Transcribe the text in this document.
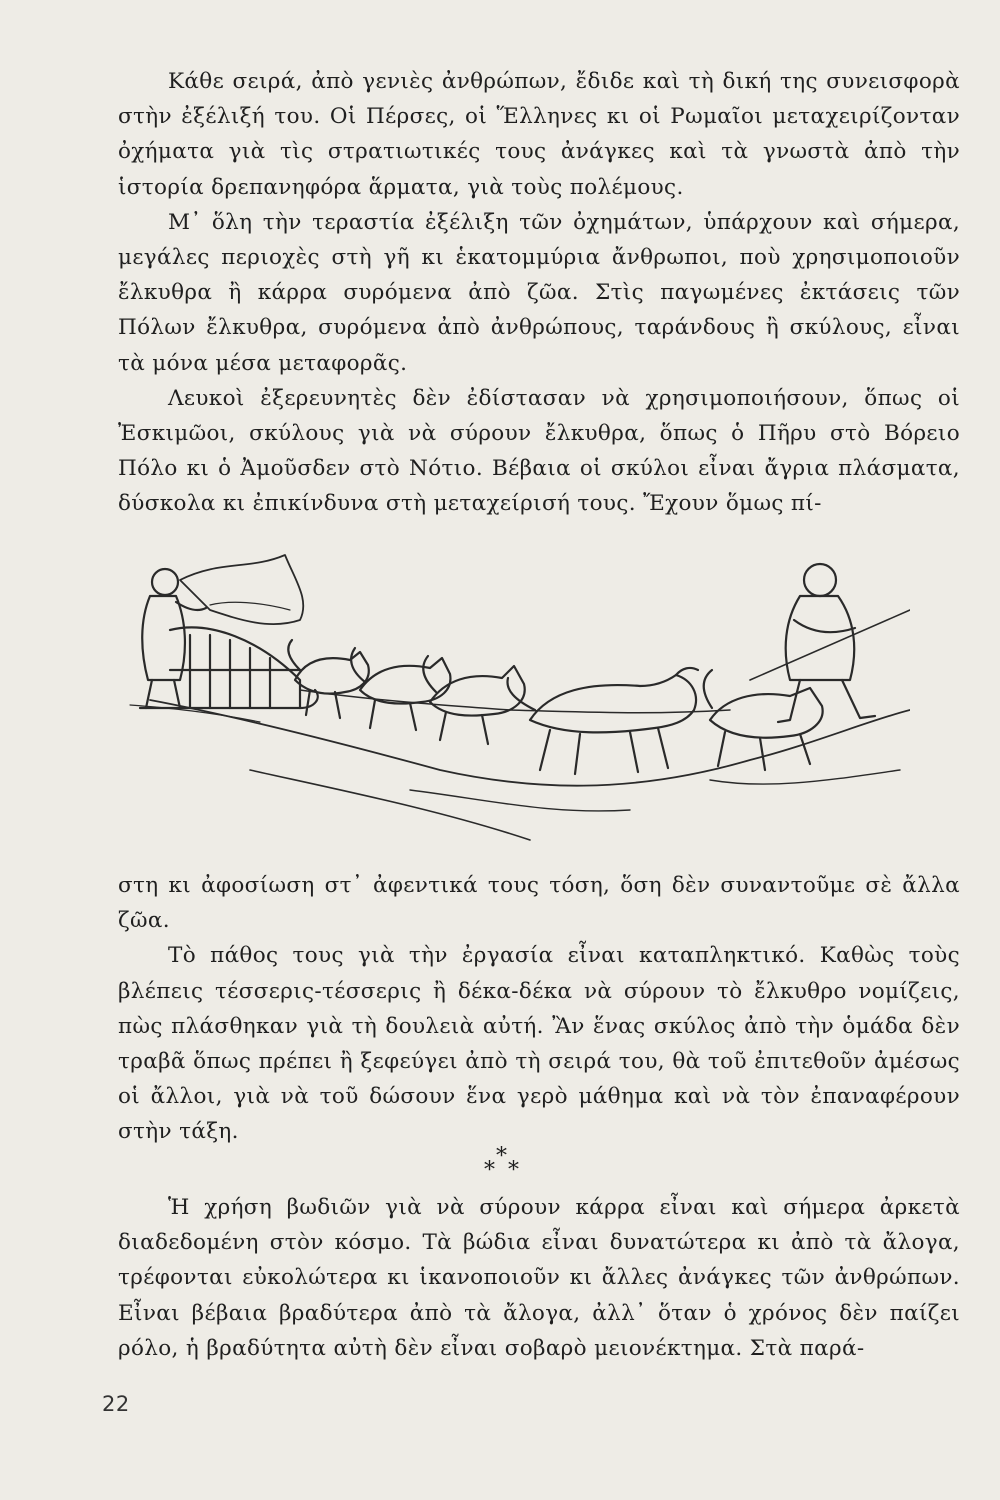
Κάθε σειρά, ἀπὸ γενιὲς ἀνθρώπων, ἔδιδε καὶ τὴ δική της συνεισφορὰ στὴν ἐξέλιξή του. Οἱ Πέρσες, οἱ Ἕλληνες κι οἱ Ρωμαῖοι μεταχειρίζονταν ὀχήματα γιὰ τὶς στρατιωτικές τους ἀνάγκες καὶ τὰ γνωστὰ ἀπὸ τὴν ἱστορία δρεπανηφόρα ἅρματα, γιὰ τοὺς πολέμους.

Μ᾿ ὅλη τὴν τεραστία ἐξέλιξη τῶν ὀχημάτων, ὑπάρχουν καὶ σήμερα, μεγάλες περιοχὲς στὴ γῆ κι ἑκατομμύρια ἄνθρωποι, ποὺ χρησιμοποιοῦν ἔλκυθρα ἢ κάρρα συρόμενα ἀπὸ ζῶα. Στὶς παγωμένες ἐκτάσεις τῶν Πόλων ἔλκυθρα, συρόμενα ἀπὸ ἀνθρώπους, ταράνδους ἢ σκύλους, εἶναι τὰ μόνα μέσα μεταφορᾶς.

Λευκοὶ ἐξερευνητὲς δὲν ἐδίστασαν νὰ χρησιμοποιήσουν, ὅπως οἱ Ἐσκιμῶοι, σκύλους γιὰ νὰ σύρουν ἔλκυθρα, ὅπως ὁ Πῆρυ στὸ Βόρειο Πόλο κι ὁ Ἀμοῦσδεν στὸ Νότιο. Βέβαια οἱ σκύλοι εἶναι ἄγρια πλάσματα, δύσκολα κι ἐπικίνδυνα στὴ μεταχείρισή τους. Ἔχουν ὅμως πί-

στη κι ἀφοσίωση στ᾿ ἀφεντικά τους τόση, ὅση δὲν συναντοῦμε σὲ ἄλλα ζῶα.

Τὸ πάθος τους γιὰ τὴν ἐργασία εἶναι καταπληκτικό. Καθὼς τοὺς βλέπεις τέσσερις-τέσσερις ἢ δέκα-δέκα νὰ σύρουν τὸ ἔλκυθρο νομίζεις, πὼς πλάσθηκαν γιὰ τὴ δουλειὰ αὐτή. Ἂν ἕνας σκύλος ἀπὸ τὴν ὁμάδα δὲν τραβᾶ ὅπως πρέπει ἢ ξεφεύγει ἀπὸ τὴ σειρά του, θὰ τοῦ ἐπιτεθοῦν ἀμέσως οἱ ἄλλοι, γιὰ νὰ τοῦ δώσουν ἕνα γερὸ μάθημα καὶ νὰ τὸν ἐπαναφέρουν στὴν τάξη.

*
* *

Ἡ χρήση βωδιῶν γιὰ νὰ σύρουν κάρρα εἶναι καὶ σήμερα ἀρκετὰ διαδεδομένη στὸν κόσμο. Τὰ βώδια εἶναι δυνατώτερα κι ἀπὸ τὰ ἄλογα, τρέφονται εὐκολώτερα κι ἱκανοποιοῦν κι ἄλλες ἀνάγκες τῶν ἀνθρώπων. Εἶναι βέβαια βραδύτερα ἀπὸ τὰ ἄλογα, ἀλλ᾿ ὅταν ὁ χρόνος δὲν παίζει ρόλο, ἡ βραδύτητα αὐτὴ δὲν εἶναι σοβαρὸ μειονέκτημα. Στὰ παρά-

22
